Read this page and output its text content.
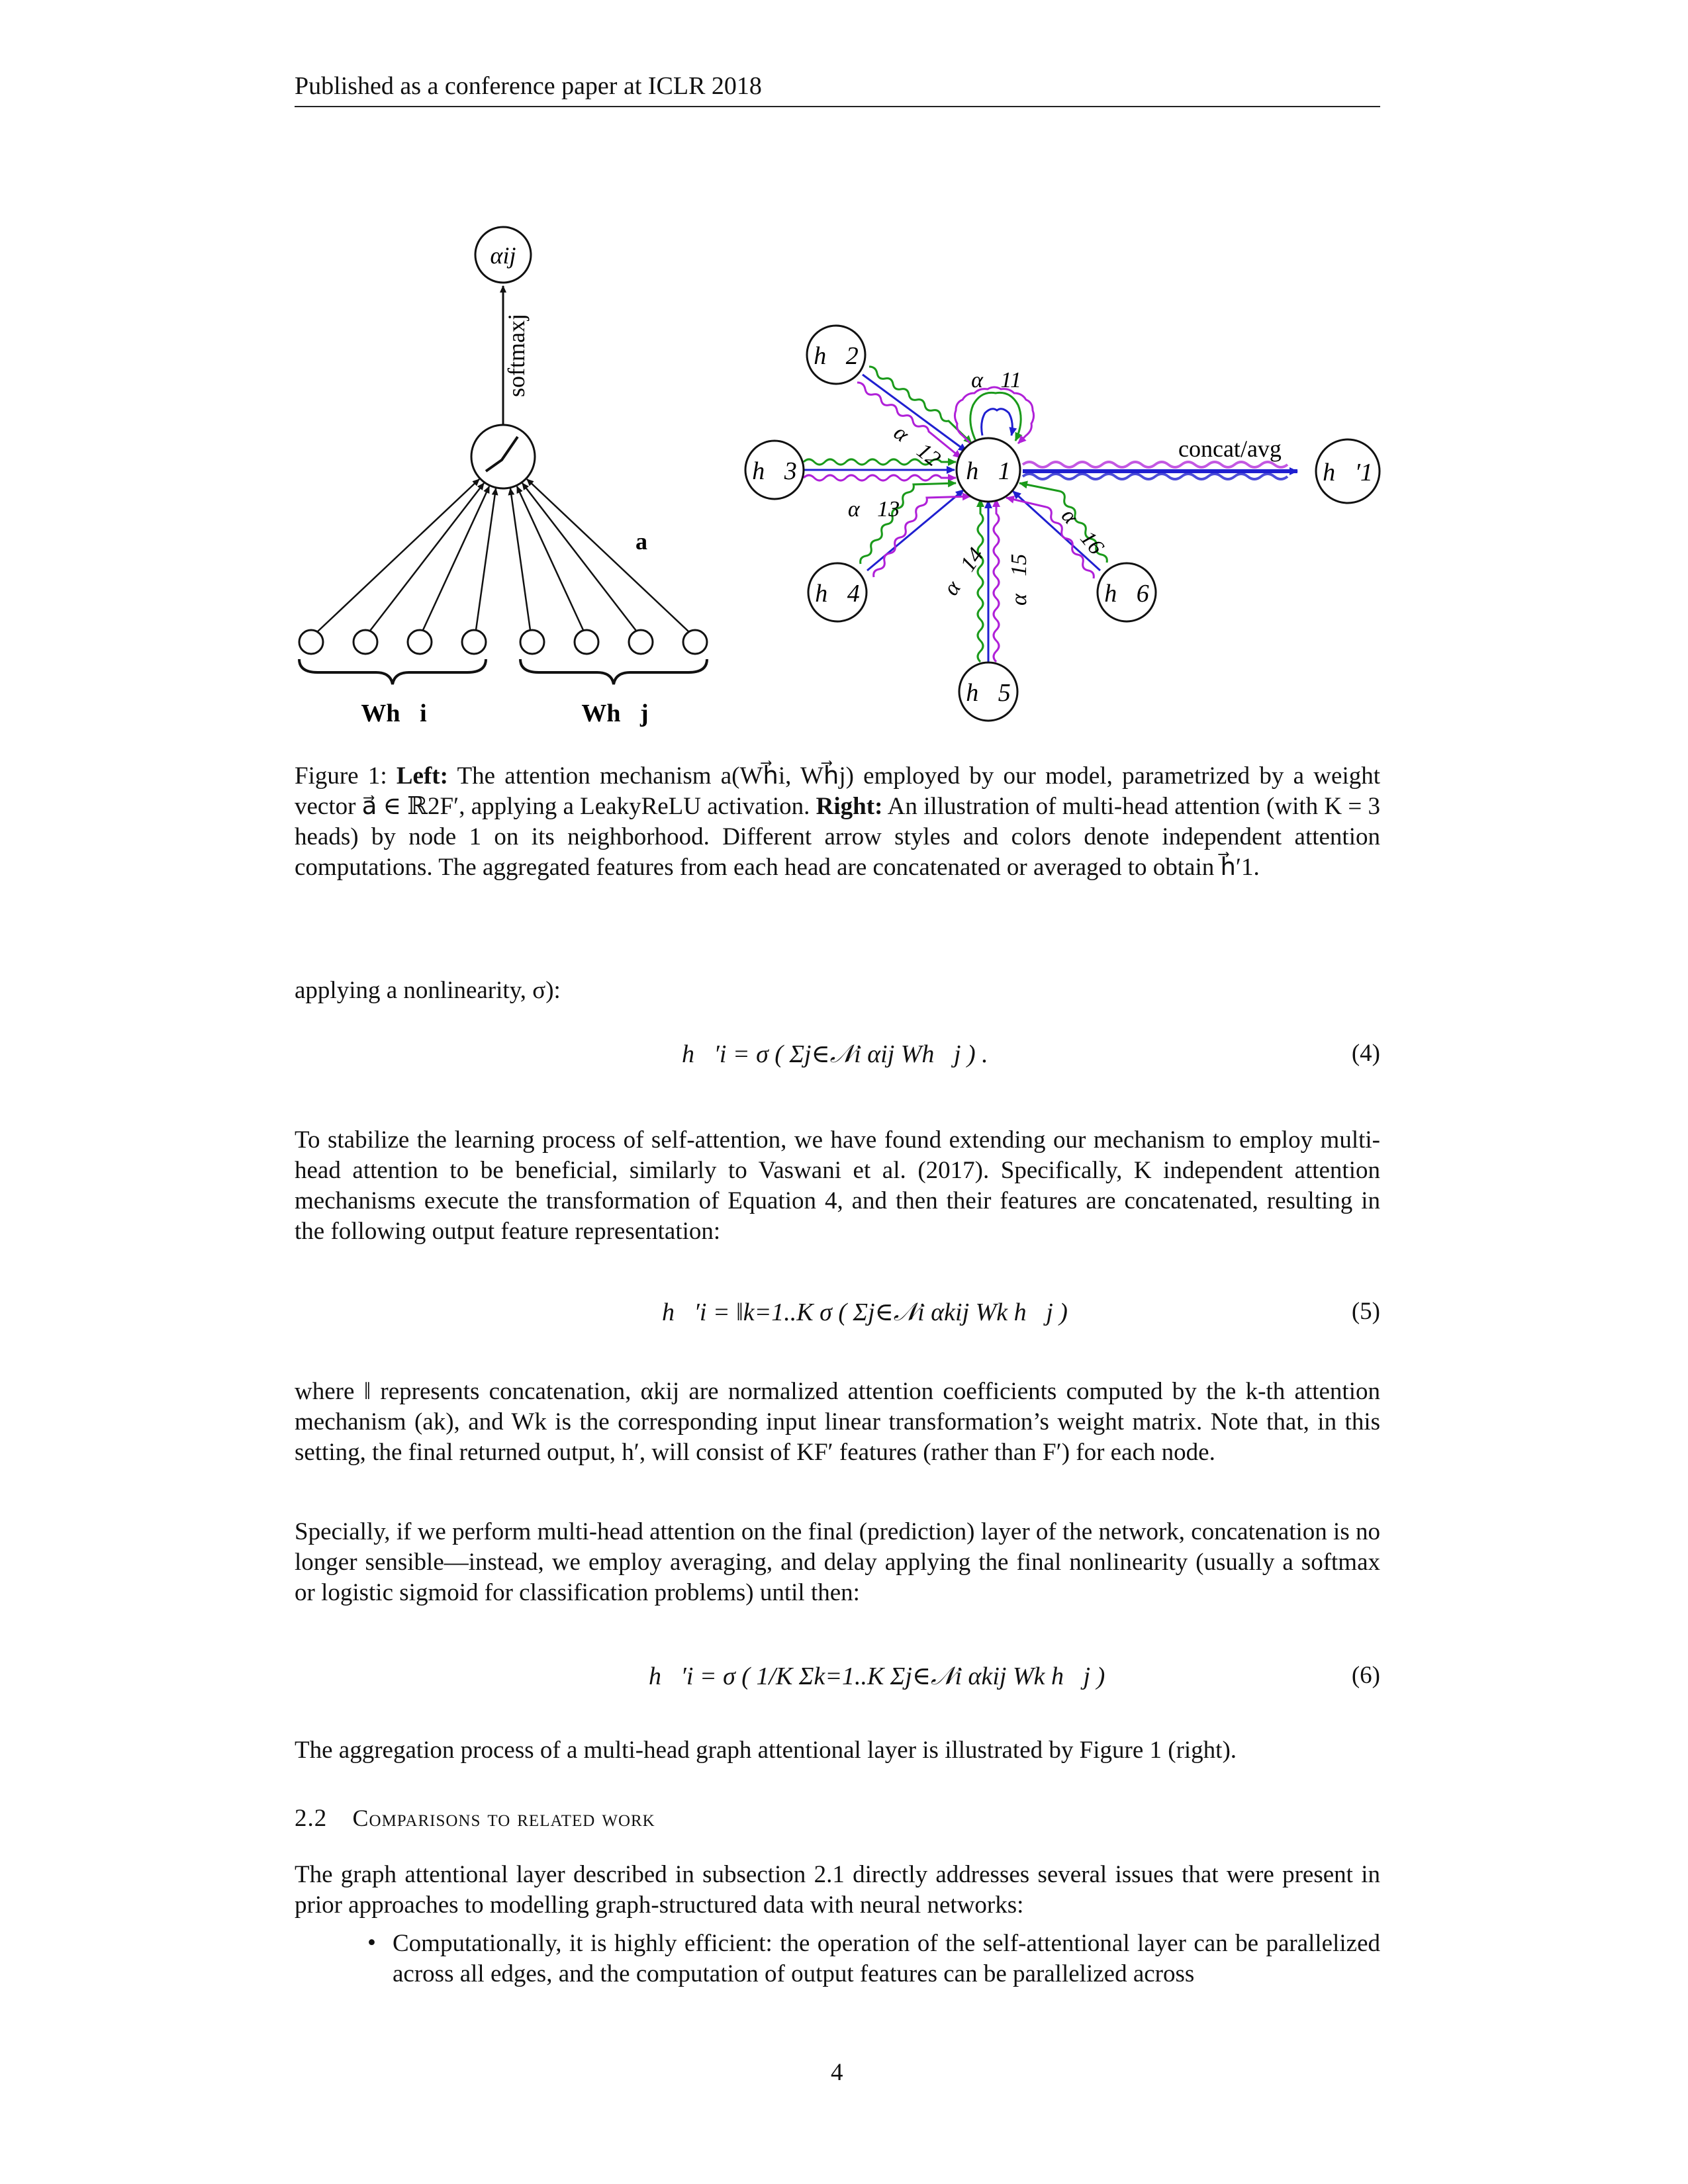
Published as a conference paper at ICLR 2018
αij
softmaxj
a⃗
Wh⃗i	Wh⃗j
h⃗1
h⃗2
h⃗3
h⃗4
h⃗5
h⃗6
h⃗′1
α⃗11
α⃗12
α⃗13
α⃗14 α⃗15
α⃗16
concat/avg
Figure 1: Left: The attention mechanism a(Wh⃗i, Wh⃗j) employed by our model, parametrized by a weight vector a⃗ ∈ ℝ2F′, applying a LeakyReLU activation. Right: An illustration of multi-head attention (with K = 3 heads) by node 1 on its neighborhood. Different arrow styles and colors denote independent attention computations. The aggregated features from each head are concatenated or averaged to obtain h⃗′1.
applying a nonlinearity, σ):
h⃗′i = σ ( Σj∈𝒩i αij Wh⃗j ) .	(4)
To stabilize the learning process of self-attention, we have found extending our mechanism to employ multi-head attention to be beneficial, similarly to Vaswani et al. (2017). Specifically, K independent attention mechanisms execute the transformation of Equation 4, and then their features are concatenated, resulting in the following output feature representation:
h⃗′i = ‖k=1..K σ ( Σj∈𝒩i αkij Wk h⃗j )	(5)
where ‖ represents concatenation, αkij are normalized attention coefficients computed by the k-th attention mechanism (ak), and Wk is the corresponding input linear transformation’s weight matrix. Note that, in this setting, the final returned output, h′, will consist of KF′ features (rather than F′) for each node.
Specially, if we perform multi-head attention on the final (prediction) layer of the network, concatenation is no longer sensible—instead, we employ averaging, and delay applying the final nonlinearity (usually a softmax or logistic sigmoid for classification problems) until then:
h⃗′i = σ ( 1/K Σk=1..K Σj∈𝒩i αkij Wk h⃗j )	(6)
The aggregation process of a multi-head graph attentional layer is illustrated by Figure 1 (right).
2.2 Comparisons to related work
The graph attentional layer described in subsection 2.1 directly addresses several issues that were present in prior approaches to modelling graph-structured data with neural networks:
• Computationally, it is highly efficient: the operation of the self-attentional layer can be parallelized across all edges, and the computation of output features can be parallelized across
4
